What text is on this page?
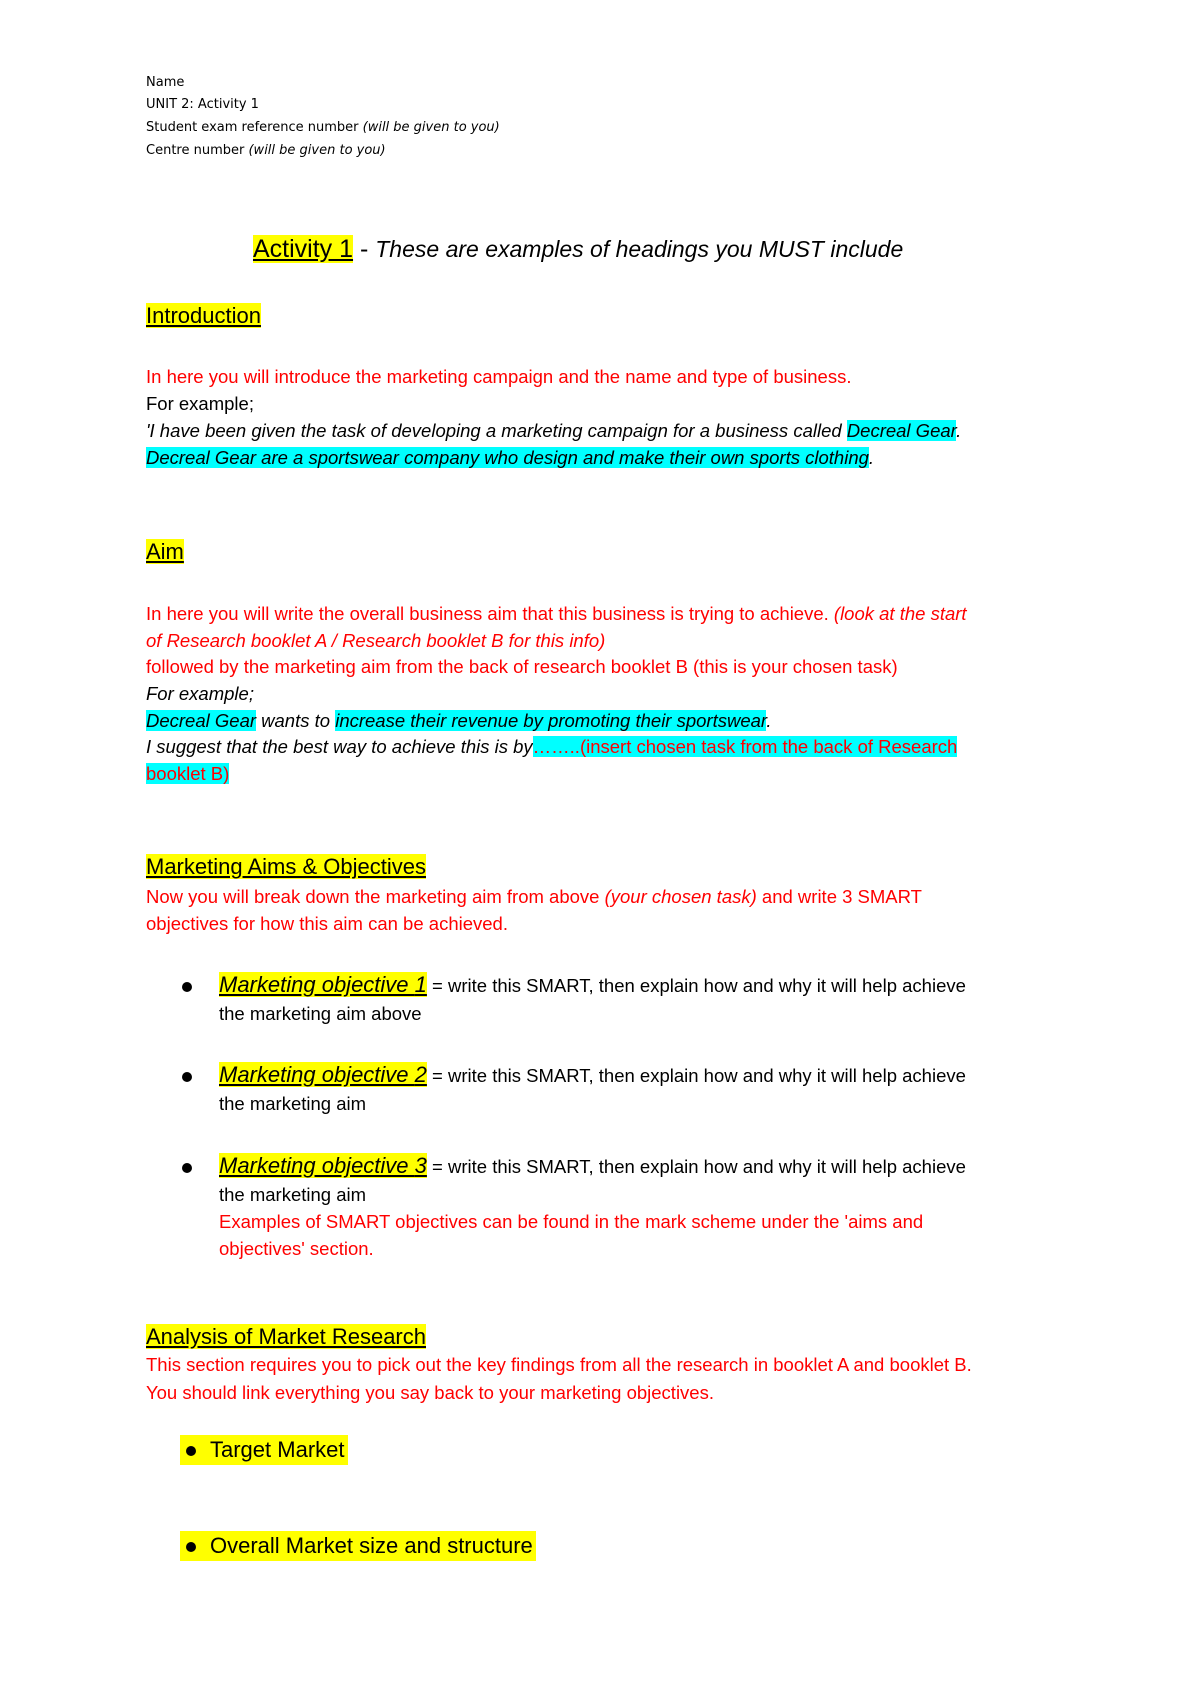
Name
UNIT 2: Activity 1
Student exam reference number (will be given to you)
Centre number (will be given to you)
Activity 1 - These are examples of headings you MUST include
Introduction
In here you will introduce the marketing campaign and the name and type of business.
For example;
'I have been given the task of developing a marketing campaign for a business called Decreal Gear.
Decreal Gear are a sportswear company who design and make their own sports clothing.
Aim
In here you will write the overall business aim that this business is trying to achieve. (look at the start
of Research booklet A / Research booklet B for this info)
followed by the marketing aim from the back of research booklet B (this is your chosen task)
For example;
Decreal Gear wants to increase their revenue by promoting their sportswear.
I suggest that the best way to achieve this is by……..(insert chosen task from the back of Research
booklet B)
Marketing Aims & Objectives
Now you will break down the marketing aim from above (your chosen task) and write 3 SMART
objectives for how this aim can be achieved.
Marketing objective 1 = write this SMART, then explain how and why it will help achieve
the marketing aim above
Marketing objective 2 = write this SMART, then explain how and why it will help achieve
the marketing aim
Marketing objective 3 = write this SMART, then explain how and why it will help achieve
the marketing aim
Examples of SMART objectives can be found in the mark scheme under the 'aims and
objectives' section.
Analysis of Market Research
This section requires you to pick out the key findings from all the research in booklet A and booklet B.
You should link everything you say back to your marketing objectives.
Target Market
Overall Market size and structure
